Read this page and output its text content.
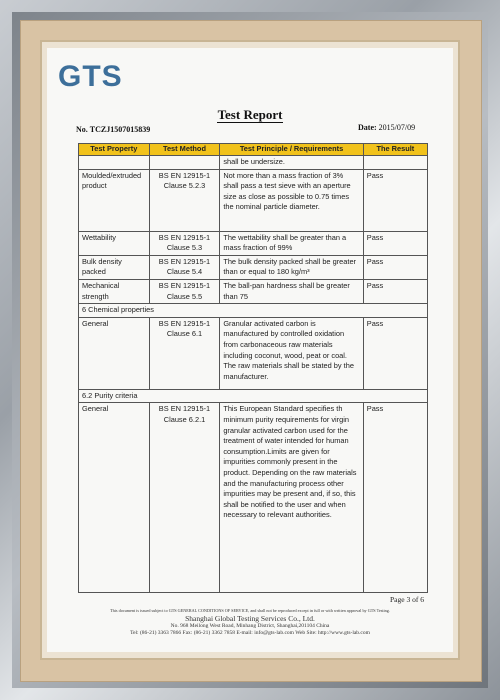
GTS
Test Report
No. TCZJ1507015839	Date: 2015/07/09
Test Property	Test Method	Test Principle / Requirements	The Result
		shall be undersize.	
Moulded/extruded product	BS EN 12915-1 Clause 5.2.3	Not more than a mass fraction of 3% shall pass a test sieve with an aperture size as close as possible to 0.75 times the nominal particle diameter.	Pass
Wettability	BS EN 12915-1 Clause 5.3	The wettability shall be greater than a mass fraction of 99%	Pass
Bulk density packed	BS EN 12915-1 Clause 5.4	The bulk density packed shall be greater than or equal to 180 kg/m³	Pass
Mechanical strength	BS EN 12915-1 Clause 5.5	The ball-pan hardness shall be greater than 75	Pass
6 Chemical properties			
General	BS EN 12915-1 Clause 6.1	Granular activated carbon is manufactured by controlled oxidation from carbonaceous raw materials including coconut, wood, peat or coal. The raw materials shall be stated by the manufacturer.	Pass
6.2 Purity criteria			
General	BS EN 12915-1 Clause 6.2.1	This European Standard specifies th minimum purity requirements for virgin granular activated carbon used for the treatment of water intended for human consumption.Limits are given for impurities commonly present in the product. Depending on the raw materials and the manufacturing process other impurities may be present and, if so, this shall be notified to the user and when necessary to relevant authorities.	Pass
Page 3 of 6
This document is issued subject to GTS GENERAL CONDITIONS OF SERVICE, and shall not be reproduced except in full or with written approval by GTS Testing.
Shanghai Global Testing Services Co., Ltd.
No. 968 Meilong West Road, Minhang District, Shanghai,201104 China
Tel: (86-21) 3363 7866 Fax: (86-21) 3362 7858 E-mail: info@gts-lab.com Web Site: http://www.gts-lab.com
